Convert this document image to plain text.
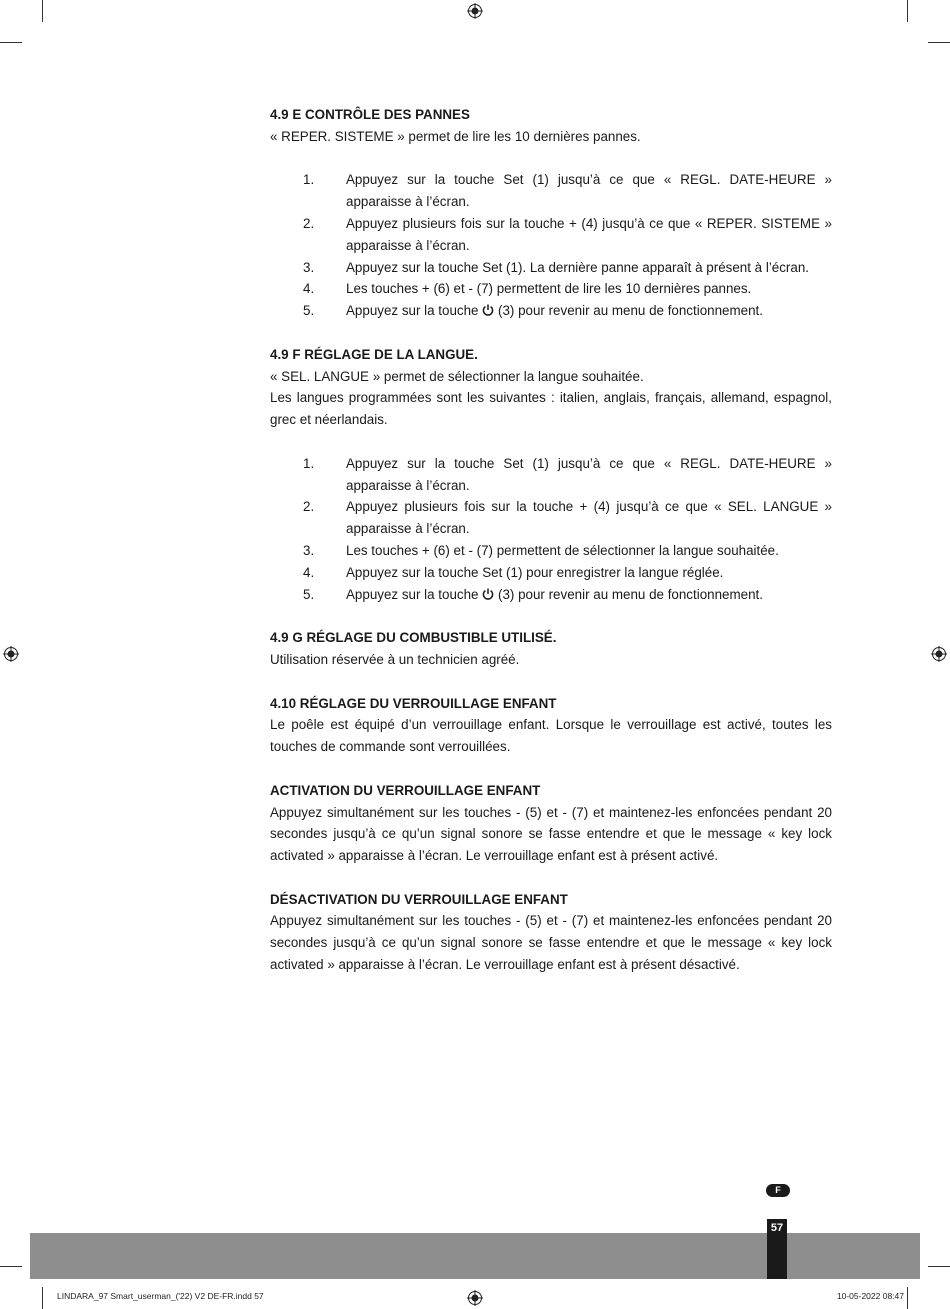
4.9 E CONTRÔLE DES PANNES

« REPER. SISTEME » permet de lire les 10 dernières pannes.

1. Appuyez sur la touche Set (1) jusqu’à ce que « REGL. DATE-HEURE » apparaisse à l’écran.
2. Appuyez plusieurs fois sur la touche + (4) jusqu’à ce que « REPER. SISTEME » apparaisse à l’écran.
3. Appuyez sur la touche Set (1). La dernière panne apparaît à présent à l’écran.
4. Les touches + (6) et - (7) permettent de lire les 10 dernières pannes.
5. Appuyez sur la touche (3) pour revenir au menu de fonctionnement.

4.9 F RÉGLAGE DE LA LANGUE.

« SEL. LANGUE » permet de sélectionner la langue souhaitée.

Les langues programmées sont les suivantes : italien, anglais, français, allemand, espagnol, grec et néerlandais.

1. Appuyez sur la touche Set (1) jusqu’à ce que « REGL. DATE-HEURE » apparaisse à l’écran.
2. Appuyez plusieurs fois sur la touche + (4) jusqu’à ce que « SEL. LANGUE » apparaisse à l’écran.
3. Les touches + (6) et - (7) permettent de sélectionner la langue souhaitée.
4. Appuyez sur la touche Set (1) pour enregistrer la langue réglée.
5. Appuyez sur la touche (3) pour revenir au menu de fonctionnement.

4.9 G RÉGLAGE DU COMBUSTIBLE UTILISÉ.

Utilisation réservée à un technicien agréé.

4.10 RÉGLAGE DU VERROUILLAGE ENFANT

Le poêle est équipé d’un verrouillage enfant. Lorsque le verrouillage est activé, toutes les touches de commande sont verrouillées.

ACTIVATION DU VERROUILLAGE ENFANT

Appuyez simultanément sur les touches - (5) et - (7) et maintenez-les enfoncées pendant 20 secondes jusqu’à ce qu’un signal sonore se fasse entendre et que le message « key lock activated » apparaisse à l’écran. Le verrouillage enfant est à présent activé.

DÉSACTIVATION DU VERROUILLAGE ENFANT

Appuyez simultanément sur les touches - (5) et - (7) et maintenez-les enfoncées pendant 20 secondes jusqu’à ce qu’un signal sonore se fasse entendre et que le message « key lock activated » apparaisse à l’écran. Le verrouillage enfant est à présent désactivé.

F
57
LINDARA_97 Smart_userman_('22) V2 DE-FR.indd 57	10-05-2022 08:47
